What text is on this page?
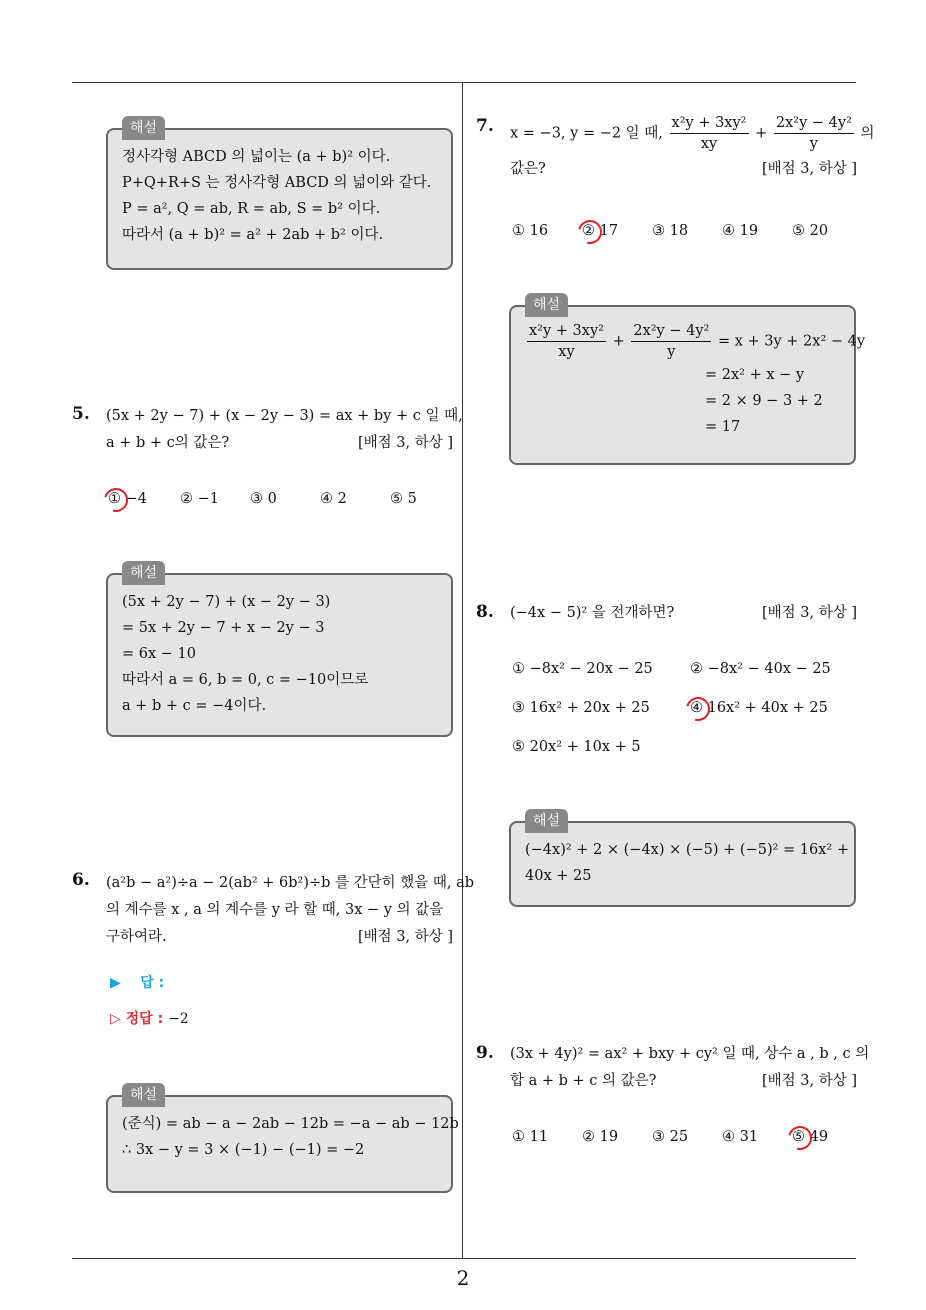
2
해설
정사각형 ABCD 의 넓이는 (a + b)² 이다.
P+Q+R+S 는 정사각형 ABCD 의 넓이와 같다.
P = a², Q = ab, R = ab, S = b² 이다.
따라서 (a + b)² = a² + 2ab + b² 이다.
5. (5x + 2y − 7) + (x − 2y − 3) = ax + by + c 일 때,
a + b + c의 값은?	[배점 3, 하상 ]
① −4 ② −1 ③ 0	④ 2	⑤ 5
해설
(5x + 2y − 7) + (x − 2y − 3)
= 5x + 2y − 7 + x − 2y − 3
= 6x − 10
따라서 a = 6, b = 0, c = −10이므로
a + b + c = −4이다.
6. (a²b − a²)÷a − 2(ab² + 6b²)÷b 를 간단히 했을 때, ab
의 계수를 x , a 의 계수를 y 라 할 때, 3x − y 의 값을
구하여라.	[배점 3, 하상 ]
▶ 답 :
▷ 정답 : −2
해설
(준식) = ab − a − 2ab − 12b = −a − ab − 12b
∴ 3x − y = 3 × (−1) − (−1) = −2
7. x = −3, y = −2 일 때, $\frac{\text{x²y + 3xy²}}{xy} + \frac{\text{2x²y − 4y²}}{y}$ 의
값은?	[배점 3, 하상 ]
① 16 ② 17 ③ 18 ④ 19 ⑤ 20
해설
$\frac{\text{x²y + 3xy²}}{xy} + \frac{\text{2x²y − 4y²}}{y} = x + 3y + 2x^2 - 4y$
= 2x² + x − y
= 2 × 9 − 3 + 2
= 17
8. (−4x − 5)² 을 전개하면?	[배점 3, 하상 ]
① −8x² − 20x − 25	② −8x² − 40x − 25
③ 16x² + 20x + 25	④ 16x² + 40x + 25
⑤ 20x² + 10x + 5
해설
(−4x)² + 2 × (−4x) × (−5) + (−5)² = 16x² +
40x + 25
9. (3x + 4y)² = ax² + bxy + cy² 일 때, 상수 a , b , c 의
합 a + b + c 의 값은?	[배점 3, 하상 ]
① 11 ② 19 ③ 25 ④ 31 ⑤ 49
